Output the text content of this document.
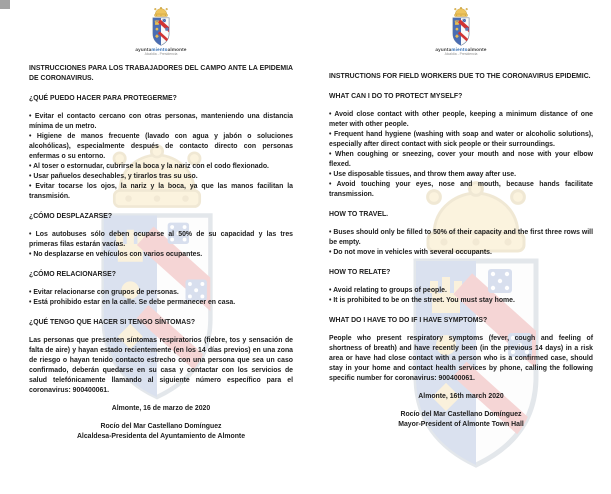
ayuntamientoalmonte
Alcaldía - Presidencia
INSTRUCCIONES PARA LOS TRABAJADORES DEL CAMPO ANTE LA EPIDEMIA DE CORONAVIRUS.
¿QUÉ PUEDO HACER PARA PROTEGERME?

• Evitar el contacto cercano con otras personas, manteniendo una distancia mínima de un metro.

• Higiene de manos frecuente (lavado con agua y jabón o soluciones alcohólicas), especialmente después de contacto directo con personas enfermas o su entorno.

• Al toser o estornudar, cubrirse la boca y la nariz con el codo flexionado.

• Usar pañuelos desechables, y tirarlos tras su uso.

• Evitar tocarse los ojos, la nariz y la boca, ya que las manos facilitan la transmisión.

¿CÓMO DESPLAZARSE?

• Los autobuses sólo deben ocuparse al 50% de su capacidad y las tres primeras filas estarán vacías.

• No desplazarse en vehículos con varios ocupantes.

¿CÓMO RELACIONARSE?

• Evitar relacionarse con grupos de personas.

• Está prohibido estar en la calle. Se debe permanecer en casa.

¿QUÉ TENGO QUE HACER SI TENGO SÍNTOMAS?

Las personas que presenten síntomas respiratorios (fiebre, tos y sensación de falta de aire) y hayan estado recientemente (en los 14 días previos) en una zona de riesgo o hayan tenido contacto estrecho con una persona que sea un caso confirmado, deberán quedarse en su casa y contactar con los servicios de salud telefónicamente llamando al siguiente número específico para el coronavirus: 900400061.

Almonte, 16 de marzo de 2020

Rocío del Mar Castellano Domínguez
Alcaldesa-Presidenta del Ayuntamiento de Almonte
ayuntamientoalmonte
Alcaldía - Presidencia
INSTRUCTIONS FOR FIELD WORKERS DUE TO THE CORONAVIRUS EPIDEMIC.
WHAT CAN I DO TO PROTECT MYSELF?

• Avoid close contact with other people, keeping a minimum distance of one meter with other people.

• Frequent hand hygiene (washing with soap and water or alcoholic solutions), especially after direct contact with sick people or their surroundings.

• When coughing or sneezing, cover your mouth and nose with your elbow flexed.

• Use disposable tissues, and throw them away after use.

• Avoid touching your eyes, nose and mouth, because hands facilitate transmission.

HOW TO TRAVEL.

• Buses should only be filled to 50% of their capacity and the first three rows will be empty.

• Do not move in vehicles with several occupants.

HOW TO RELATE?

• Avoid relating to groups of people.

• It is prohibited to be on the street. You must stay home.

WHAT DO I HAVE TO DO IF I HAVE SYMPTOMS?

People who present respiratory symptoms (fever, cough and feeling of shortness of breath) and have recently been (in the previous 14 days) in a risk area or have had close contact with a person who is a confirmed case, should stay in your home and contact health services by phone, calling the following specific number for coronavirus: 900400061.

Almonte, 16th march 2020

Rocío del Mar Castellano Domínguez
Mayor-President of Almonte Town Hall
